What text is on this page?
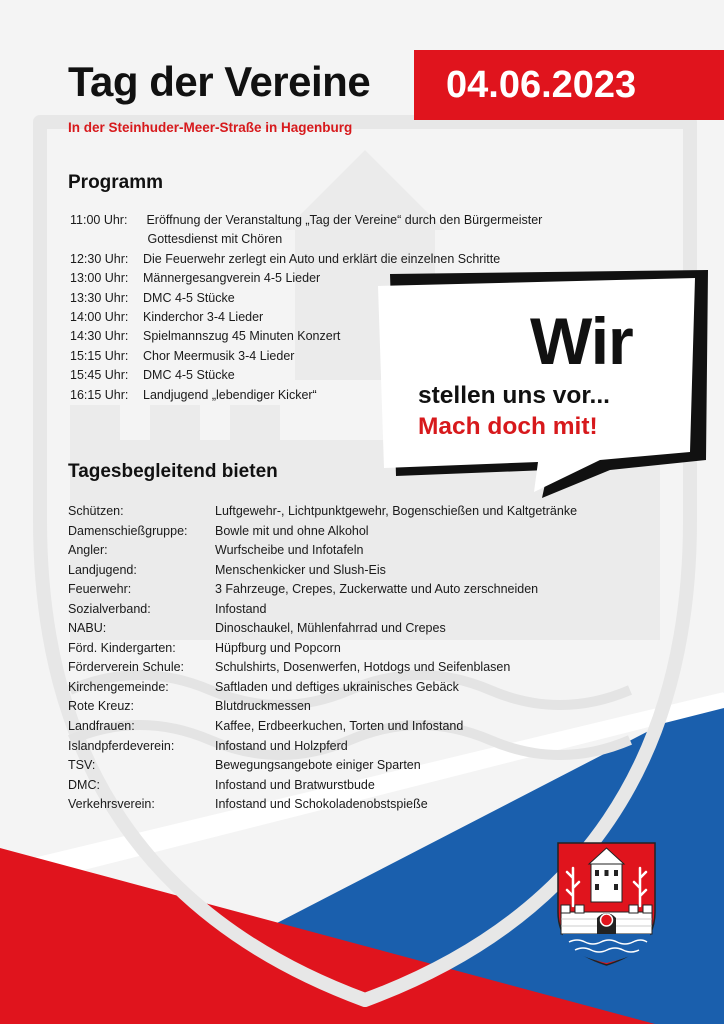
Tag der Vereine 04.06.2023
In der Steinhuder-Meer-Straße in Hagenburg
Programm
11:00 Uhr:	Eröffnung der Veranstaltung „Tag der Vereine“ durch den Bürgermeister
Gottesdienst mit Chören
12:30 Uhr:	Die Feuerwehr zerlegt ein Auto und erklärt die einzelnen Schritte
13:00 Uhr:	Männergesangverein 4-5 Lieder
13:30 Uhr:	DMC 4-5 Stücke
14:00 Uhr:	Kinderchor 3-4 Lieder
14:30 Uhr:	Spielmannszug 45 Minuten Konzert
15:15 Uhr:	Chor Meermusik 3-4 Lieder
15:45 Uhr:	DMC 4-5 Stücke
16:15 Uhr:	Landjugend „lebendiger Kicker“
Wir
stellen uns vor...
Mach doch mit!
Tagesbegleitend bieten
Schützen:	Luftgewehr-, Lichtpunktgewehr, Bogenschießen und Kaltgetränke
Damenschießgruppe:	Bowle mit und ohne Alkohol
Angler:	Wurfscheibe und Infotafeln
Landjugend:	Menschenkicker und Slush-Eis
Feuerwehr:	3 Fahrzeuge, Crepes, Zuckerwatte und Auto zerschneiden
Sozialverband:	Infostand
NABU:	Dinoschaukel, Mühlenfahrrad und Crepes
Förd. Kindergarten:	Hüpfburg und Popcorn
Förderverein Schule:	Schulshirts, Dosenwerfen, Hotdogs und Seifenblasen
Kirchengemeinde:	Saftladen und deftiges ukrainisches Gebäck
Rote Kreuz:	Blutdruckmessen
Landfrauen:	Kaffee, Erdbeerkuchen, Torten und Infostand
Islandpferdeverein:	Infostand und Holzpferd
TSV:	Bewegungsangebote einiger Sparten
DMC:	Infostand und Bratwurstbude
Verkehrsverein:	Infostand und Schokoladenobstspieße
